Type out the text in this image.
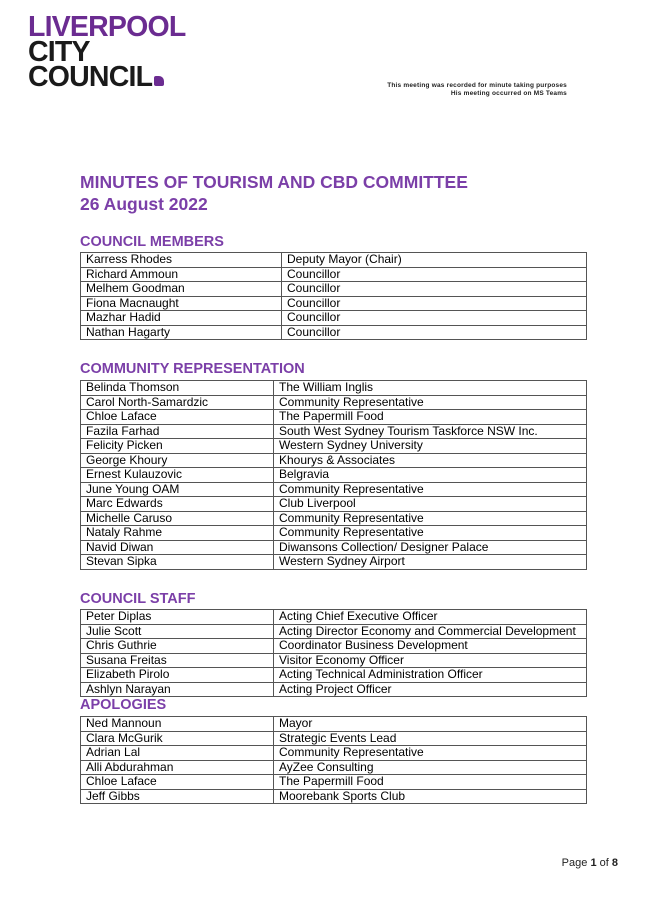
LIVERPOOL
CITY
COUNCIL	This meeting was recorded for minute taking purposes
His meeting occurred on MS Teams
MINUTES OF TOURISM AND CBD COMMITTEE
26 August 2022
COUNCIL MEMBERS
Karress Rhodes	Deputy Mayor (Chair)
Richard Ammoun	Councillor
Melhem Goodman	Councillor
Fiona Macnaught	Councillor
Mazhar Hadid	Councillor
Nathan Hagarty	Councillor
COMMUNITY REPRESENTATION
Belinda Thomson	The William Inglis
Carol North-Samardzic	Community Representative
Chloe Laface	The Papermill Food
Fazila Farhad	South West Sydney Tourism Taskforce NSW Inc.
Felicity Picken	Western Sydney University
George Khoury	Khourys & Associates
Ernest Kulauzovic	Belgravia
June Young OAM	Community Representative
Marc Edwards	Club Liverpool
Michelle Caruso	Community Representative
Nataly Rahme	Community Representative
Navid Diwan	Diwansons Collection/ Designer Palace
Stevan Sipka	Western Sydney Airport
COUNCIL STAFF
Peter Diplas	Acting Chief Executive Officer
Julie Scott	Acting Director Economy and Commercial Development
Chris Guthrie	Coordinator Business Development
Susana Freitas	Visitor Economy Officer
Elizabeth Pirolo	Acting Technical Administration Officer
Ashlyn Narayan	Acting Project Officer
APOLOGIES
Ned Mannoun	Mayor
Clara McGurik	Strategic Events Lead
Adrian Lal	Community Representative
Alli Abdurahman	AyZee Consulting
Chloe Laface	The Papermill Food
Jeff Gibbs	Moorebank Sports Club
Page 1 of 8
